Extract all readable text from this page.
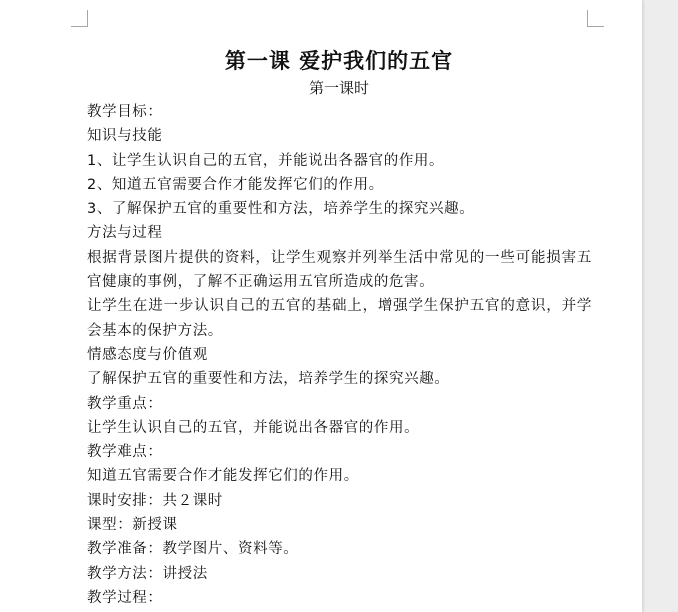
第一课 爱护我们的五官

第一课时

教学目标：
知识与技能
1、让学生认识自己的五官，并能说出各器官的作用。
2、知道五官需要合作才能发挥它们的作用。
3、了解保护五官的重要性和方法，培养学生的探究兴趣。
方法与过程
根据背景图片提供的资料，让学生观察并列举生活中常见的一些可能损害五官健康的事例，了解不正确运用五官所造成的危害。
让学生在进一步认识自己的五官的基础上，增强学生保护五官的意识，并学会基本的保护方法。
情感态度与价值观
了解保护五官的重要性和方法，培养学生的探究兴趣。
教学重点：
让学生认识自己的五官，并能说出各器官的作用。
教学难点：
知道五官需要合作才能发挥它们的作用。
课时安排：共２课时
课型：新授课
教学准备：教学图片、资料等。
教学方法：讲授法
教学过程：
